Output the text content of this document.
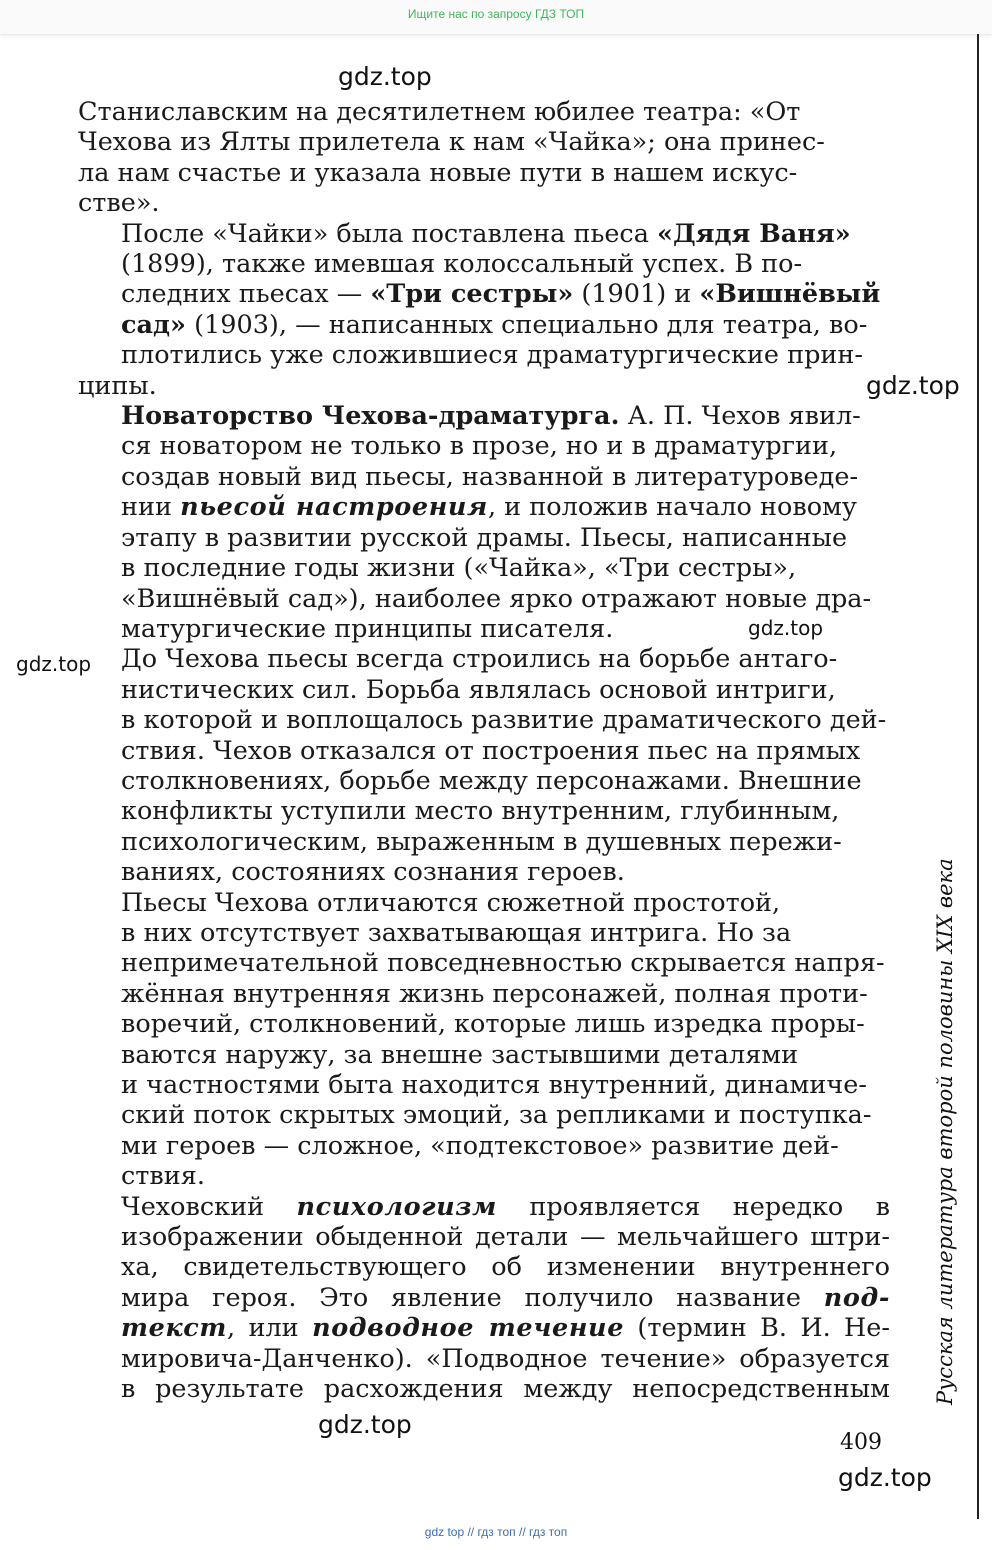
Ищите нас по запросу ГДЗ ТОП
gdz.top
gdz.top
gdz.top
gdz.top
gdz.top
gdz.top

Станиславским на десятилетнем юбилее театра: «От
Чехова из Ялты прилетела к нам «Чайка»; она принес-
ла нам счастье и указала новые пути в нашем искус-
стве».

После «Чайки» была поставлена пьеса «Дядя Ваня»
(1899), также имевшая колоссальный успех. В по-
следних пьесах — «Три сестры» (1901) и «Вишнёвый
сад» (1903), — написанных специально для театра, во-
плотились уже сложившиеся драматургические прин-
ципы.

Новаторство Чехова-драматурга. А. П. Чехов явил-
ся новатором не только в прозе, но и в драматургии,
создав новый вид пьесы, названной в литературоведе-
нии пьесой настроения, и положив начало новому
этапу в развитии русской драмы. Пьесы, написанные
в последние годы жизни («Чайка», «Три сестры»,
«Вишнёвый сад»), наиболее ярко отражают новые дра-
матургические принципы писателя.

До Чехова пьесы всегда строились на борьбе антаго-
нистических сил. Борьба являлась основой интриги,
в которой и воплощалось развитие драматического дей-
ствия. Чехов отказался от построения пьес на прямых
столкновениях, борьбе между персонажами. Внешние
конфликты уступили место внутренним, глубинным,
психологическим, выраженным в душевных пережи-
ваниях, состояниях сознания героев.

Пьесы Чехова отличаются сюжетной простотой,
в них отсутствует захватывающая интрига. Но за
непримечательной повседневностью скрывается напря-
жённая внутренняя жизнь персонажей, полная проти-
воречий, столкновений, которые лишь изредка проры-
ваются наружу, за внешне застывшими деталями
и частностями быта находится внутренний, динамиче-
ский поток скрытых эмоций, за репликами и поступка-
ми героев — сложное, «подтекстовое» развитие дей-
ствия.

Чеховский психологизм проявляется нередко в
изображении обыденной детали — мельчайшего штри-
ха, свидетельствующего об изменении внутреннего
мира героя. Это явление получило название под-
текст, или подводное течение (термин В. И. Не-
мировича-Данченко). «Подводное течение» образуется
в результате расхождения между непосредственным Русская литература второй половины XIX века
409
gdz top // гдз топ // гдз топ
